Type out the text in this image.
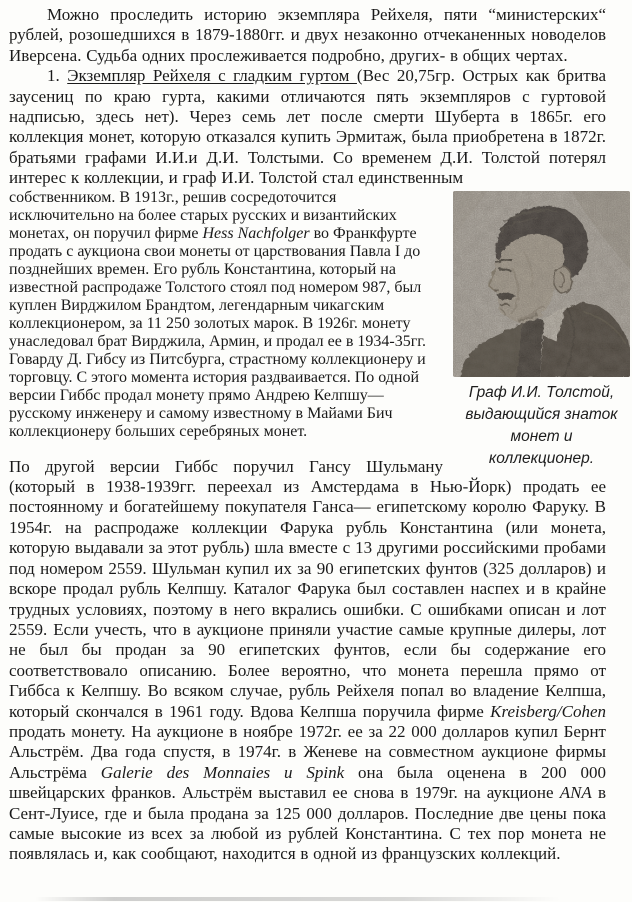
Можно проследить историю экземпляра Рейхеля, пяти “министерских“ рублей, розошедшихся в 1879-1880гг. и двух незаконно отчеканенных новоделов Иверсена. Судьба одних прослеживается подробно, других- в общих чертах.

1. Экземпляр Рейхеля с гладким гуртом (Вес 20,75гр. Острых как бритва заусениц по краю гурта, какими отличаются пять экземпляров с гуртовой надписью, здесь нет). Через семь лет после смерти Шуберта в 1865г. его коллекция монет, которую отказался купить Эрмитаж, была приобретена в 1872г. братьями графами И.И.и Д.И. Толстыми. Со временем Д.И. Толстой потерял интерес к коллекции, и граф И.И. Толстой стал единственным

Граф И.И. Толстой,
выдающийся знаток
монет и
коллекционер.
собственником. В 1913г., решив сосредоточится исключительно на более старых русских и византийских монетах, он поручил фирме Hess Nachfolger во Франкфурте продать с аукциона свои монеты от царствования Павла I до позднейших времен. Его рубль Константина, который на известной распродаже Толстого стоял под номером 987, был куплен Вирджилом Брандтом, легендарным чикагским коллекционером, за 11 250 золотых марок. В 1926г. монету унаследовал брат Вирджила, Армин, и продал ее в 1934-35гг. Говарду Д. Гибсу из Питсбурга, страстному коллекционеру и торговцу. С этого момента история раздваивается. По одной версии Гиббс продал монету прямо Андрею Келпшу— русскому инженеру и самому известному в Майами Бич коллекционеру больших серебряных монет.

По другой версии Гиббс поручил Гансу Шульману (который в 1938-1939гг. переехал из Амстердама в Нью-Йорк) продать ее постоянному и богатейшему покупателя Ганса— египетскому королю Фаруку. В 1954г. на распродаже коллекции Фарука рубль Константина (или монета, которую выдавали за этот рубль) шла вместе с 13 другими российскими пробами под номером 2559. Шульман купил их за 90 египетских фунтов (325 долларов) и вскоре продал рубль Келпшу. Каталог Фарука был составлен наспех и в крайне трудных условиях, поэтому в него вкрались ошибки. С ошибками описан и лот 2559. Если учесть, что в аукционе приняли участие самые крупные дилеры, лот не был бы продан за 90 египетских фунтов, если бы содержание его соответствовало описанию. Более вероятно, что монета перешла прямо от Гиббса к Келпшу. Во всяком случае, рубль Рейхеля попал во владение Келпша, который скончался в 1961 году. Вдова Келпша поручила фирме Kreisberg/Cohen продать монету. На аукционе в ноябре 1972г. ее за 22 000 долларов купил Бернт Альстрём. Два года спустя, в 1974г. в Женеве на совместном аукционе фирмы Альстрёма Galerie des Monnaies и Spink она была оценена в 200 000 швейцарских франков. Альстрём выставил ее снова в 1979г. на аукционе ANA в Сент-Луисе, где и была продана за 125 000 долларов. Последние две цены пока самые высокие из всех за любой из рублей Константина. С тех пор монета не появлялась и, как сообщают, находится в одной из французских коллекций.
